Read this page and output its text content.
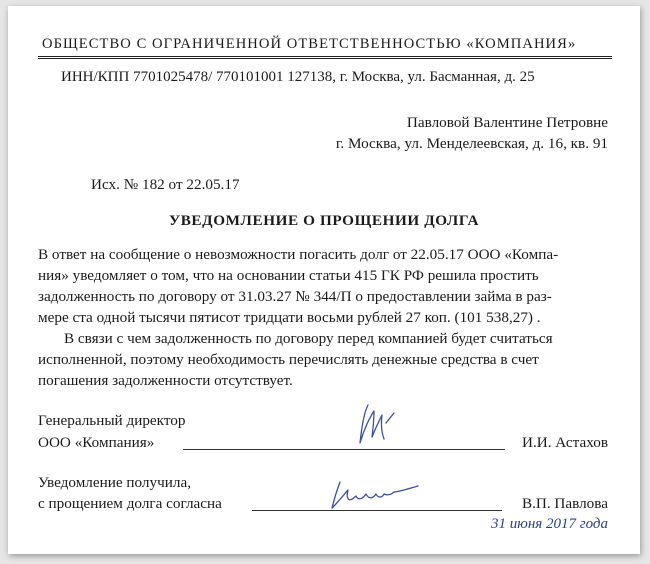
ОБЩЕСТВО С ОГРАНИЧЕННОЙ ОТВЕТСТВЕННОСТЬЮ «КОМПАНИЯ»
ИНН/КПП 7701025478/ 770101001 127138, г. Москва, ул. Басманная, д. 25
Павловой Валентине Петровне
г. Москва, ул. Менделеевская, д. 16, кв. 91
Исх. № 182 от 22.05.17
УВЕДОМЛЕНИЕ О ПРОЩЕНИИ ДОЛГА
В ответ на сообщение о невозможности погасить долг от 22.05.17 ООО «Компа-
ния» уведомляет о том, что на основании статьи 415 ГК РФ решила простить
задолженность по договору от 31.03.27 № 344/П о предоставлении займа в раз-
мере ста одной тысячи пятисот тридцати восьми рублей 27 коп. (101 538,27) .
В связи с чем задолженность по договору перед компанией будет считаться
исполненной, поэтому необходимость перечислять денежные средства в счет
погашения задолженности отсутствует.
Генеральный директор
ООО «Компания»	И.И. Астахов
Уведомление получила,
с прощением долга согласна	В.П. Павлова
31 июня 2017 года
